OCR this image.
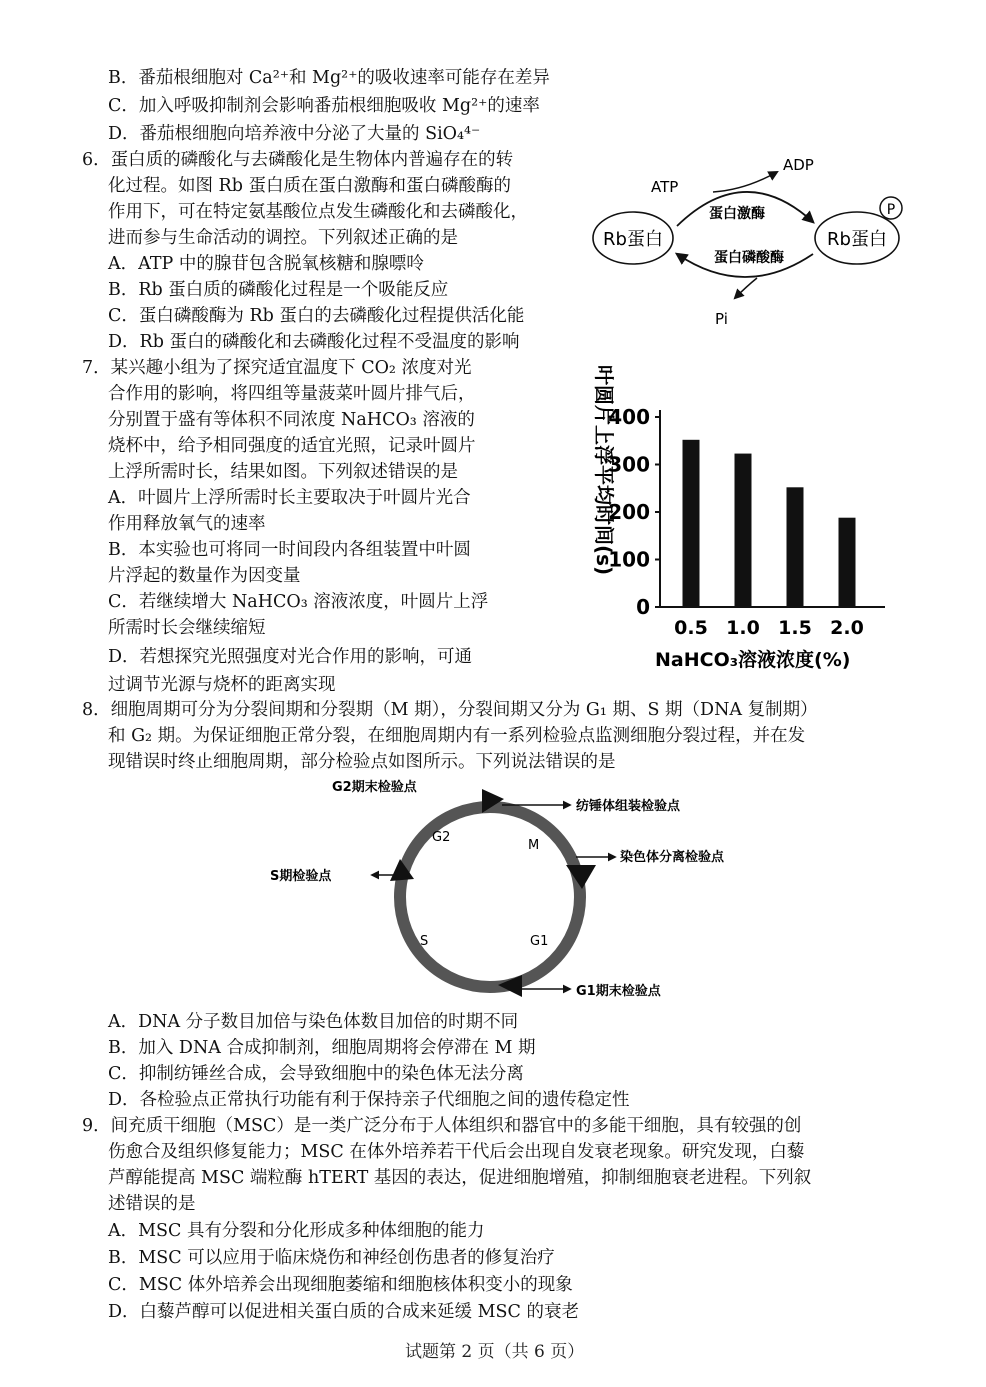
B．番茄根细胞对 Ca²⁺和 Mg²⁺的吸收速率可能存在差异
C．加入呼吸抑制剂会影响番茄根细胞吸收 Mg²⁺的速率
D．番茄根细胞向培养液中分泌了大量的 SiO₄⁴⁻
6．蛋白质的磷酸化与去磷酸化是生物体内普遍存在的转
化过程。如图 Rb 蛋白质在蛋白激酶和蛋白磷酸酶的
作用下，可在特定氨基酸位点发生磷酸化和去磷酸化，
进而参与生命活动的调控。下列叙述正确的是
A．ATP 中的腺苷包含脱氧核糖和腺嘌呤
B．Rb 蛋白质的磷酸化过程是一个吸能反应
C．蛋白磷酸酶为 Rb 蛋白的去磷酸化过程提供活化能
D．Rb 蛋白的磷酸化和去磷酸化过程不受温度的影响
Rb蛋白	Rb蛋白
P
ATP
ADP
蛋白激酶
蛋白磷酸酶
Pi
7．某兴趣小组为了探究适宜温度下 CO₂ 浓度对光
合作用的影响，将四组等量菠菜叶圆片排气后，
分别置于盛有等体积不同浓度 NaHCO₃ 溶液的
烧杯中，给予相同强度的适宜光照，记录叶圆片
上浮所需时长，结果如图。下列叙述错误的是
A．叶圆片上浮所需时长主要取决于叶圆片光合
作用释放氧气的速率
B．本实验也可将同一时间段内各组装置中叶圆
片浮起的数量作为因变量
C．若继续增大 NaHCO₃ 溶液浓度，叶圆片上浮
所需时长会继续缩短
D．若想探究光照强度对光合作用的影响，可通
过调节光源与烧杯的距离实现
叶圆片上浮平均时间(s)
0
100
200
300
400
0.5 1.0 1.5 2.0
NaHCO₃溶液浓度(%)
8．细胞周期可分为分裂间期和分裂期（M 期），分裂间期又分为 G₁ 期、S 期（DNA 复制期）
和 G₂ 期。为保证细胞正常分裂，在细胞周期内有一系列检验点监测细胞分裂过程，并在发
现错误时终止细胞周期，部分检验点如图所示。下列说法错误的是
G2期末检验点
纺锤体组装检验点
染色体分离检验点
S期检验点
G1期末检验点
G2
M
S	G1
A．DNA 分子数目加倍与染色体数目加倍的时期不同
B．加入 DNA 合成抑制剂，细胞周期将会停滞在 M 期
C．抑制纺锤丝合成，会导致细胞中的染色体无法分离
D．各检验点正常执行功能有利于保持亲子代细胞之间的遗传稳定性
9．间充质干细胞（MSC）是一类广泛分布于人体组织和器官中的多能干细胞，具有较强的创
伤愈合及组织修复能力；MSC 在体外培养若干代后会出现自发衰老现象。研究发现，白藜
芦醇能提高 MSC 端粒酶 hTERT 基因的表达，促进细胞增殖，抑制细胞衰老进程。下列叙
述错误的是
A．MSC 具有分裂和分化形成多种体细胞的能力
B．MSC 可以应用于临床烧伤和神经创伤患者的修复治疗
C．MSC 体外培养会出现细胞萎缩和细胞核体积变小的现象
D．白藜芦醇可以促进相关蛋白质的合成来延缓 MSC 的衰老
试题第 2 页（共 6 页）
